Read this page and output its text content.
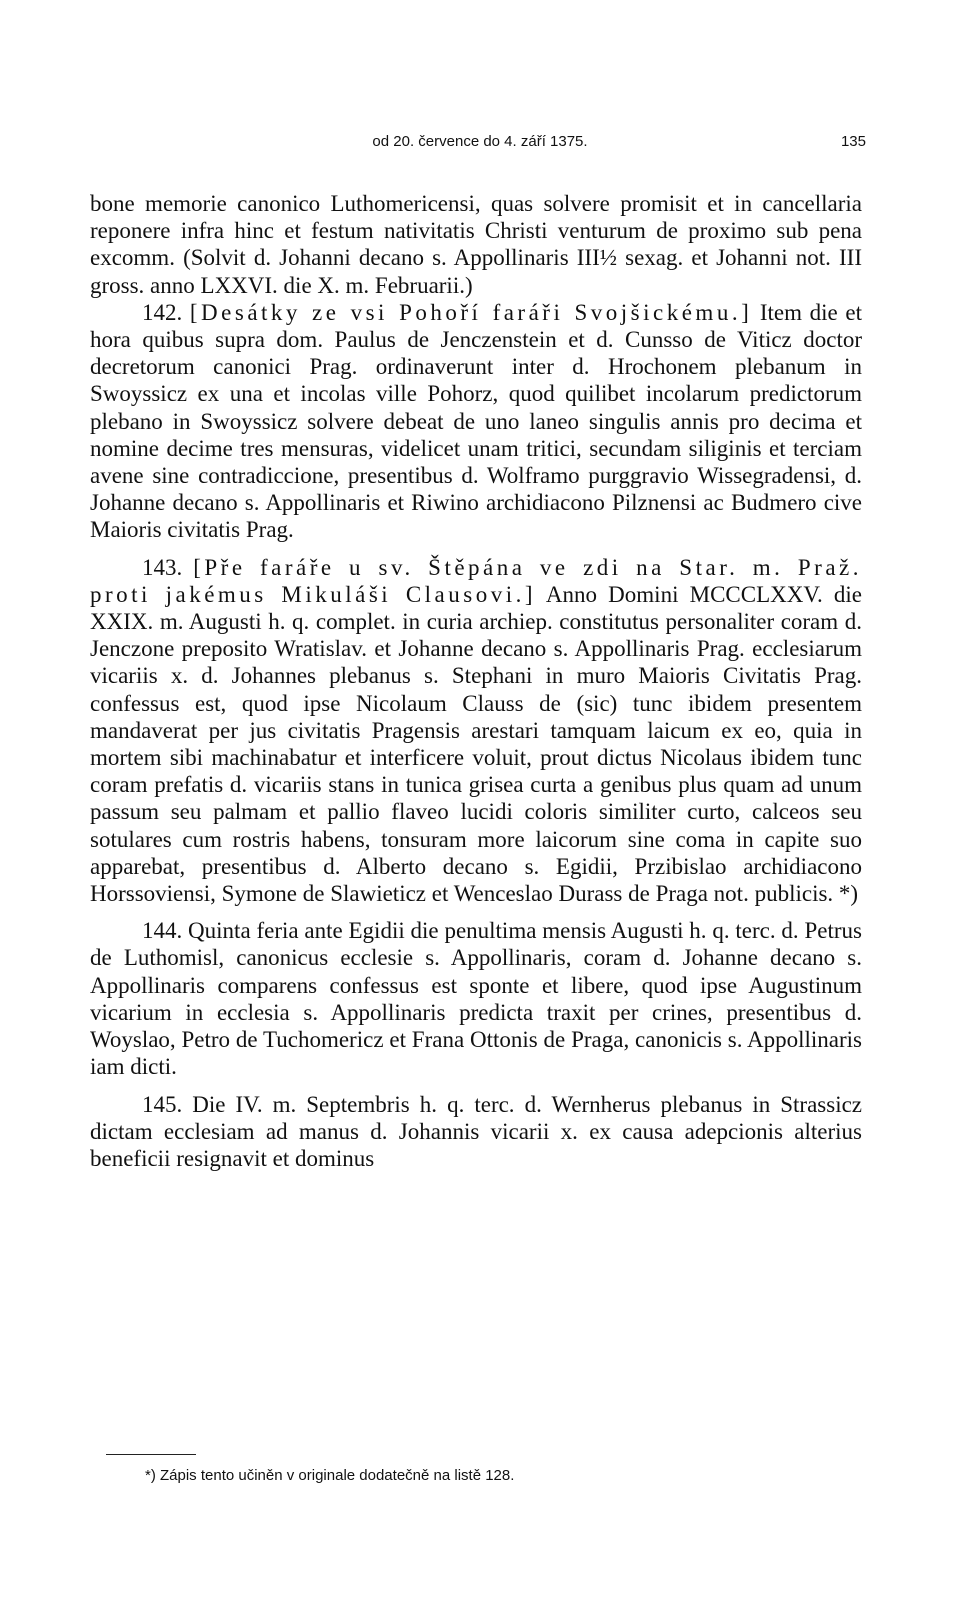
od 20. července do 4. září 1375.	135

bone memorie canonico Luthomericensi, quas solvere promisit et in cancellaria reponere infra hinc et festum nativitatis Christi venturum de proximo sub pena excomm. (Solvit d. Johanni decano s. Appollinaris III½ sexag. et Johanni not. III gross. anno LXXVI. die X. m. Februarii.)

142. [Desátky ze vsi Pohoří faráři Svojšickému.] Item die et hora quibus supra dom. Paulus de Jenczenstein et d. Cunsso de Viticz doctor decretorum canonici Prag. ordinaverunt inter d. Hrochonem plebanum in Swoyssicz ex una et incolas ville Pohorz, quod quilibet incolarum predictorum plebano in Swoyssicz solvere debeat de uno laneo singulis annis pro decima et nomine decime tres mensuras, videlicet unam tritici, secundam siliginis et terciam avene sine contradiccione, presentibus d. Wolframo purggravio Wissegradensi, d. Johanne decano s. Appollinaris et Riwino archidiacono Pilznensi ac Budmero cive Maioris civitatis Prag.

143. [Pře faráře u sv. Štěpána ve zdi na Star. m. Praž. proti jakémus Mikuláši Clausovi.] Anno Domini MCCCLXXV. die XXIX. m. Augusti h. q. complet. in curia archiep. constitutus personaliter coram d. Jenczone preposito Wratislav. et Johanne decano s. Appollinaris Prag. ecclesiarum vicariis x. d. Johannes plebanus s. Stephani in muro Maioris Civitatis Prag. confessus est, quod ipse Nicolaum Clauss de (sic) tunc ibidem presentem mandaverat per jus civitatis Pragensis arestari tamquam laicum ex eo, quia in mortem sibi machinabatur et interficere voluit, prout dictus Nicolaus ibidem tunc coram prefatis d. vicariis stans in tunica grisea curta a genibus plus quam ad unum passum seu palmam et pallio flaveo lucidi coloris similiter curto, calceos seu sotulares cum rostris habens, tonsuram more laicorum sine coma in capite suo apparebat, presentibus d. Alberto decano s. Egidii, Przibislao archidiacono Horssoviensi, Symone de Slawieticz et Wenceslao Durass de Praga not. publicis. *)

144. Quinta feria ante Egidii die penultima mensis Augusti h. q. terc. d. Petrus de Luthomisl, canonicus ecclesie s. Appollinaris, coram d. Johanne decano s. Appollinaris comparens confessus est sponte et libere, quod ipse Augustinum vicarium in ecclesia s. Appollinaris predicta traxit per crines, presentibus d. Woyslao, Petro de Tuchomericz et Frana Ottonis de Praga, canonicis s. Appollinaris iam dicti.

145. Die IV. m. Septembris h. q. terc. d. Wernherus plebanus in Strassicz dictam ecclesiam ad manus d. Johannis vicarii x. ex causa adepcionis alterius beneficii resignavit et dominus

*) Zápis tento učiněn v originale dodatečně na listě 128.
